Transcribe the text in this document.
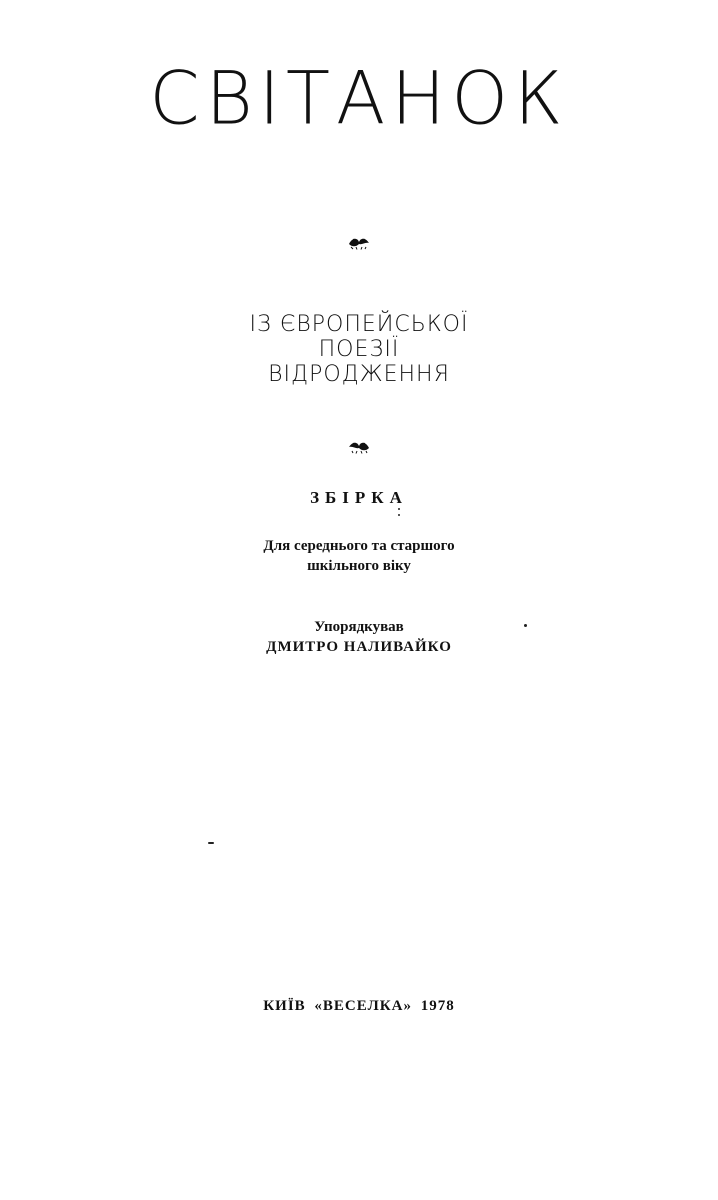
СВІТАНОК
ІЗ ЄВРОПЕЙСЬКОЇ
ПОЕЗІЇ
ВІДРОДЖЕННЯ
ЗБІРКА
Для середнього та старшого
шкільного віку
Упорядкував
ДМИТРО НАЛИВАЙКО
КИЇВ «ВЕСЕЛКА» 1978
